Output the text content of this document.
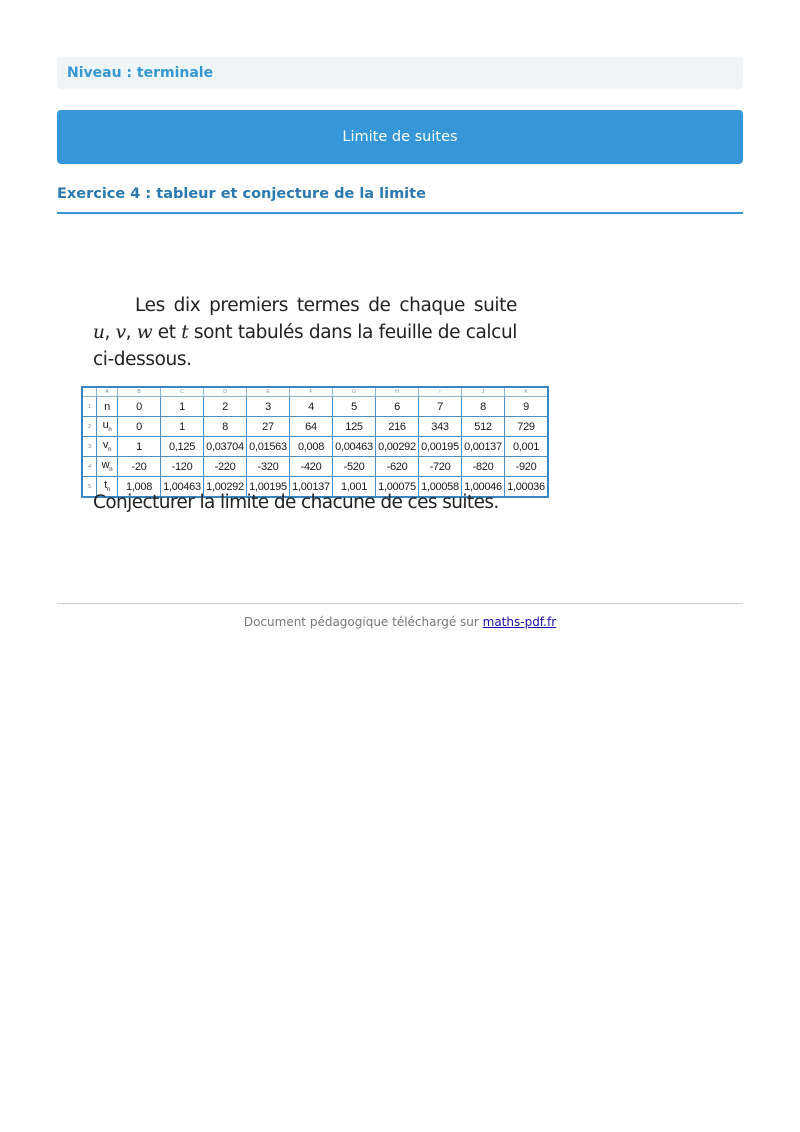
Niveau : terminale
Limite de suites
Exercice 4 : tableur et conjecture de la limite
Les dix premiers termes de chaque suite u, v, w et t sont tabulés dans la feuille de calcul ci-dessous.
	A	B	C	D	E	F	G	H	I	J	K
1	n	0	1	2	3	4	5	6	7	8	9
2	$u_n$	0	1	8	27	64	125	216	343	512	729
3	$v_n$	1	0,125	0,03704	0,01563	0,008	0,00463	0,00292	0,00195	0,00137	0,001
4	$w_n$	-20	-120	-220	-320	-420	-520	-620	-720	-820	-920
5	$t_n$	1,008	1,00463	1,00292	1,00195	1,00137	1,001	1,00075	1,00058	1,00046	1,00036
Conjecturer la limite de chacune de ces suites.
Document pédagogique téléchargé sur maths-pdf.fr
